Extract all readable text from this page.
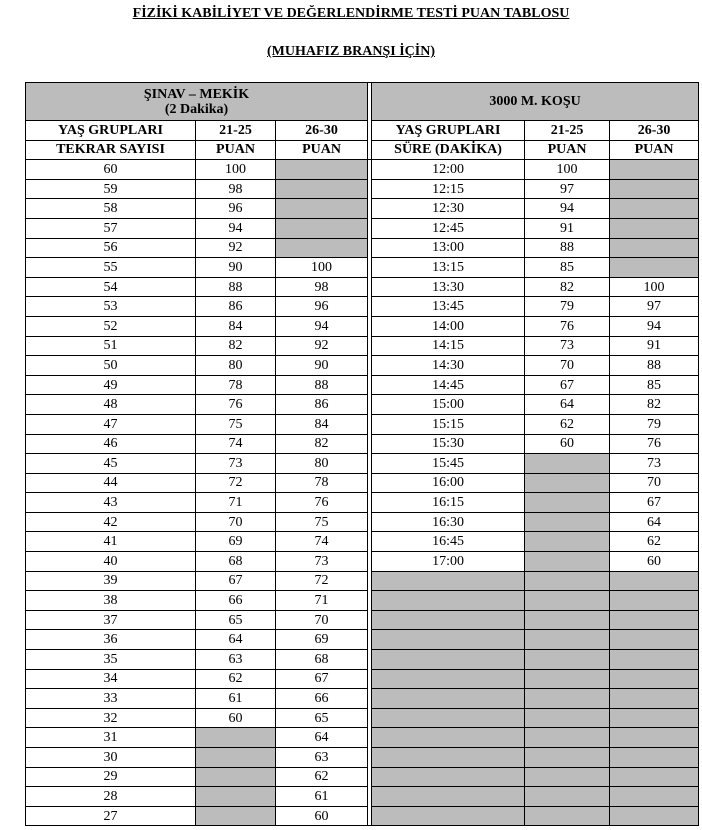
FİZİKİ KABİLİYET VE DEĞERLENDİRME TESTİ PUAN TABLOSU
(MUHAFIZ BRANŞI İÇİN)
ŞINAV – MEKİK
(2 Dakika)				3000 M. KOŞU		
YAŞ GRUPLARI	21-25	26-30		YAŞ GRUPLARI	21-25	26-30
TEKRAR SAYISI	PUAN	PUAN		SÜRE (DAKİKA)	PUAN	PUAN
60	100			12:00	100	
59	98			12:15	97	
58	96			12:30	94	
57	94			12:45	91	
56	92			13:00	88	
55	90	100		13:15	85	
54	88	98		13:30	82	100
53	86	96		13:45	79	97
52	84	94		14:00	76	94
51	82	92		14:15	73	91
50	80	90		14:30	70	88
49	78	88		14:45	67	85
48	76	86		15:00	64	82
47	75	84		15:15	62	79
46	74	82		15:30	60	76
45	73	80		15:45		73
44	72	78		16:00		70
43	71	76		16:15		67
42	70	75		16:30		64
41	69	74		16:45		62
40	68	73		17:00		60
39	67	72				
38	66	71				
37	65	70				
36	64	69				
35	63	68				
34	62	67				
33	61	66				
32	60	65				
31		64				
30		63				
29		62				
28		61				
27		60				
